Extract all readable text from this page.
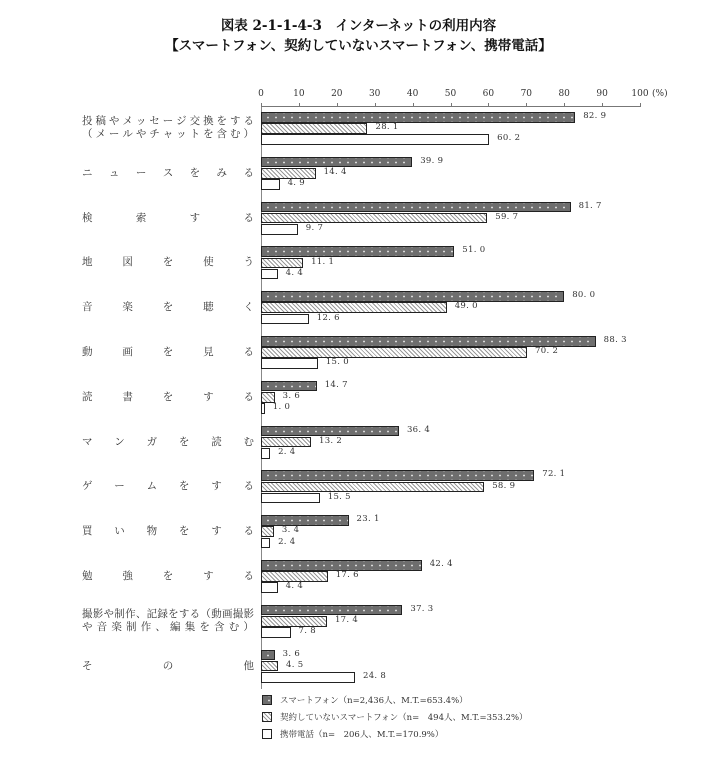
図表 2-1-1-4-3　インターネットの利用内容
【スマートフォン、契約していないスマートフォン、携帯電話】
(%)
0	10	20	30	40	50	60	70	80	90	100
投 稿 や メ ッ セ ー ジ 交 換 を す る
（ メ ー ル や チ ャ ッ ト を 含 む ）
82. 9
28. 1
60. 2
ニ ュ ー ス を み る
39. 9
14. 4
4. 9
検	索	す	る
81. 7
59. 7
9. 7
地	図	を	使	う
51. 0
11. 1
4. 4
音	楽	を	聴	く
80. 0
49. 0
12. 6
動	画	を	見	る
88. 3
70. 2
15. 0
読	書	を	す	る
14. 7
3. 6
1. 0
マ ン ガ を 読 む
36. 4
13. 2
2. 4
ゲ ー ム を す る
72. 1
58. 9
15. 5
買 い 物 を す る
23. 1
3. 4
2. 4
勉	強	を	す	る
42. 4
17. 6
4. 4
撮 影 や 制 作 、 記 録 を す る （ 動 画 撮 影
や 音 楽 制 作 、 編 集 を 含 む ）
37. 3
17. 4
7. 8
そ	の	他
3. 6
4. 5
24. 8
スマートフォン（n=2,436人、M.T.=653.4%）
契約していないスマートフォン（n=　494人、M.T.=353.2%）
携帯電話（n=　206人、M.T.=170.9%）
